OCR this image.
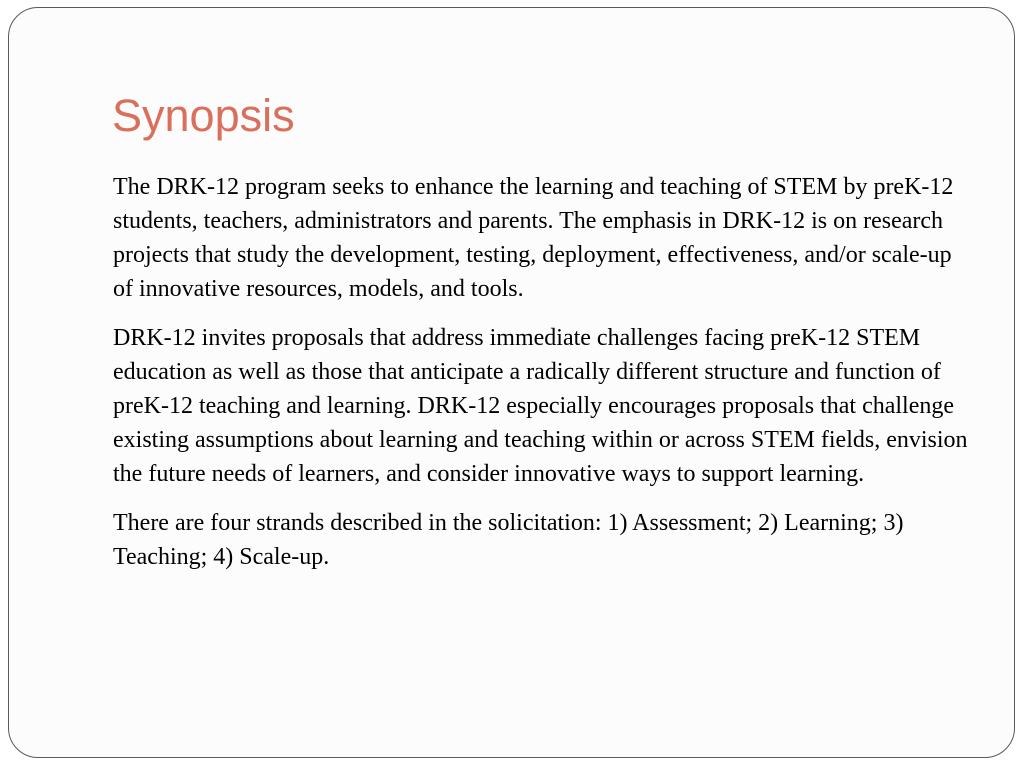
Synopsis

The DRK-12 program seeks to enhance the learning and teaching of STEM by preK-12 students, teachers, administrators and parents. The emphasis in DRK-12 is on research projects that study the development, testing, deployment, effectiveness, and/or scale-up of innovative resources, models, and tools.

DRK-12 invites proposals that address immediate challenges facing preK-12 STEM education as well as those that anticipate a radically different structure and function of preK-12 teaching and learning. DRK-12 especially encourages proposals that challenge existing assumptions about learning and teaching within or across STEM fields, envision the future needs of learners, and consider innovative ways to support learning.

There are four strands described in the solicitation: 1) Assessment; 2) Learning; 3) Teaching; 4) Scale-up.
